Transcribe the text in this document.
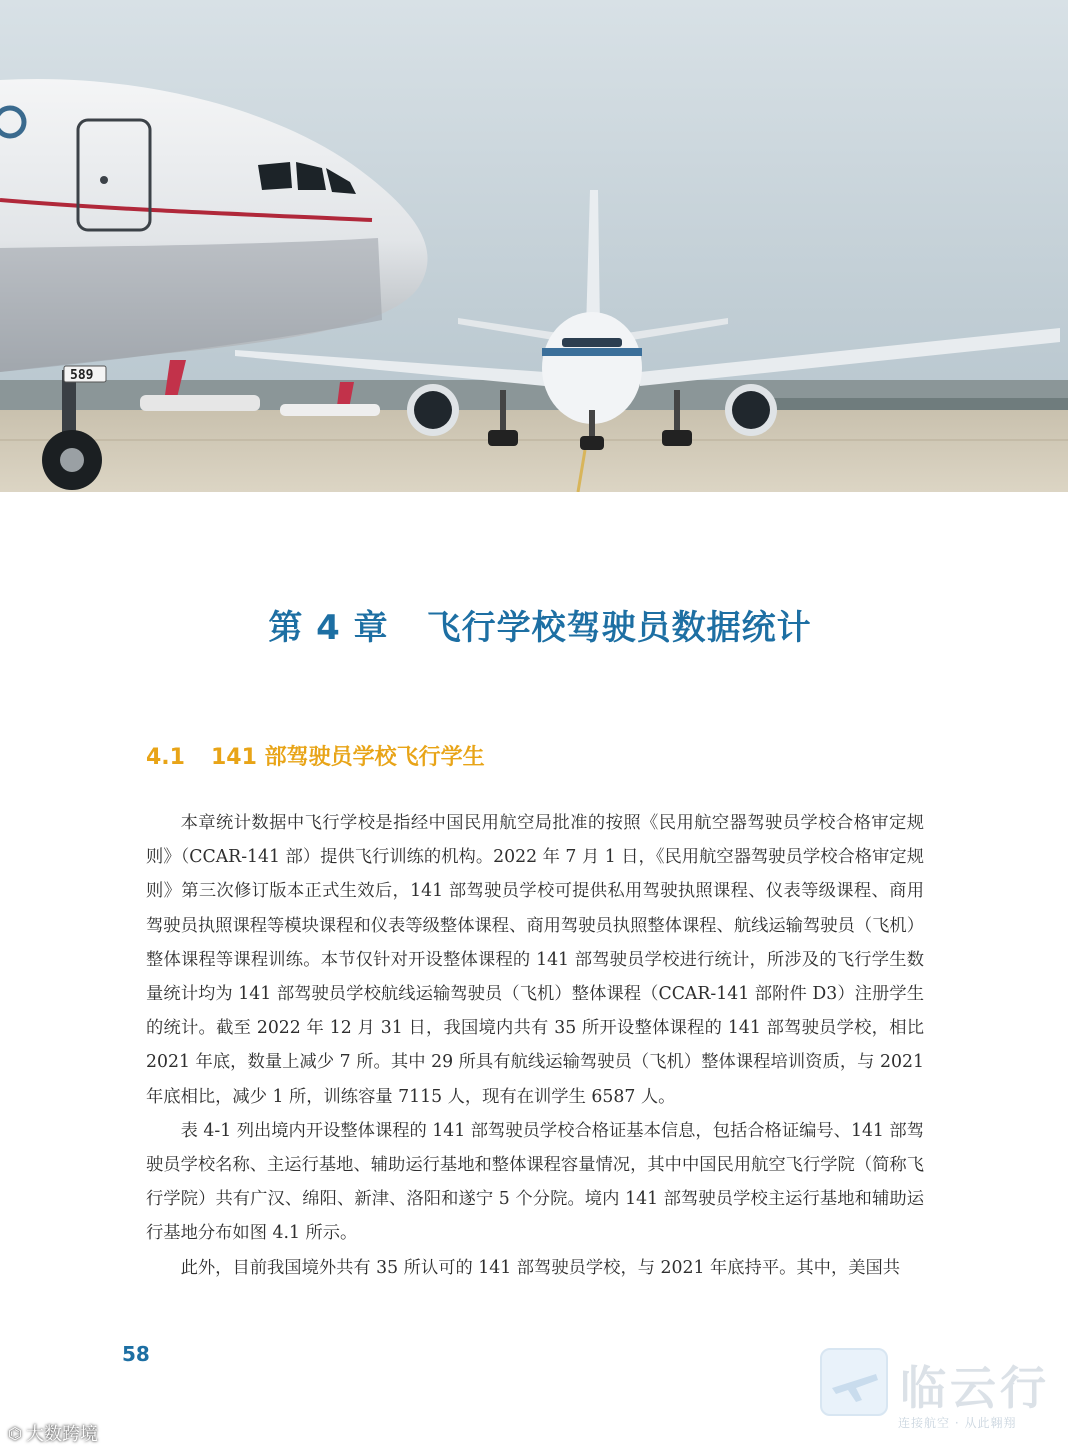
589
第 4 章 飞行学校驾驶员数据统计
4.1 141 部驾驶员学校飞行学生

本章统计数据中飞行学校是指经中国民用航空局批准的按照《民用航空器驾驶员学校合格审定规则》（CCAR-141 部）提供飞行训练的机构。2022 年 7 月 1 日，《民用航空器驾驶员学校合格审定规则》第三次修订版本正式生效后，141 部驾驶员学校可提供私用驾驶执照课程、仪表等级课程、商用驾驶员执照课程等模块课程和仪表等级整体课程、商用驾驶员执照整体课程、航线运输驾驶员（飞机）整体课程等课程训练。本节仅针对开设整体课程的 141 部驾驶员学校进行统计，所涉及的飞行学生数量统计均为 141 部驾驶员学校航线运输驾驶员（飞机）整体课程（CCAR-141 部附件 D3）注册学生的统计。截至 2022 年 12 月 31 日，我国境内共有 35 所开设整体课程的 141 部驾驶员学校，相比 2021 年底，数量上减少 7 所。其中 29 所具有航线运输驾驶员（飞机）整体课程培训资质，与 2021 年底相比，减少 1 所，训练容量 7115 人，现有在训学生 6587 人。

表 4-1 列出境内开设整体课程的 141 部驾驶员学校合格证基本信息，包括合格证编号、141 部驾驶员学校名称、主运行基地、辅助运行基地和整体课程容量情况，其中中国民用航空飞行学院（简称飞行学院）共有广汉、绵阳、新津、洛阳和遂宁 5 个分院。境内 141 部驾驶员学校主运行基地和辅助运行基地分布如图 4.1 所示。

此外，目前我国境外共有 35 所认可的 141 部驾驶员学校，与 2021 年底持平。其中，美国共

58

临云行
连接航空 · 从此翱翔
⌬ 大数跨境
